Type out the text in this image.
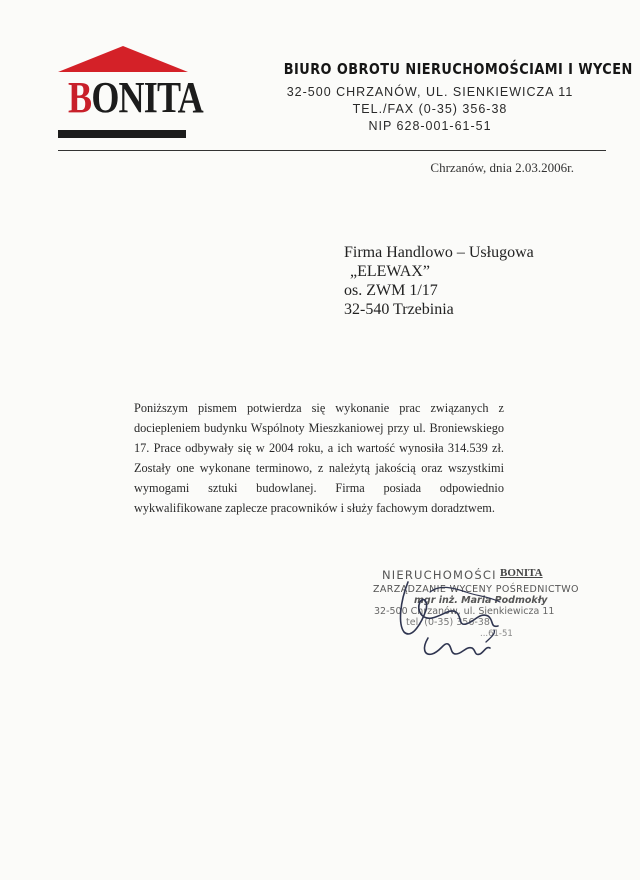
BONITA
BIURO OBROTU NIERUCHOMOŚCIAMI I WYCEN
32-500 CHRZANÓW, UL. SIENKIEWICZA 11
TEL./FAX (0-35) 356-38
NIP 628-001-61-51
Chrzanów, dnia 2.03.2006r.
Firma Handlowo – Usługowa
„ELEWAX”
os. ZWM 1/17
32-540 Trzebinia

Poniższym pismem potwierdza się wykonanie prac związanych z dociepleniem budynku Wspólnoty Mieszkaniowej przy ul. Broniewskiego 17. Prace odbywały się w 2004 roku, a ich wartość wynosiła 314.539 zł. Zostały one wykonane terminowo, z należytą jakością oraz wszystkimi wymogami sztuki budowlanej. Firma posiada odpowiednio wykwalifikowane zaplecze pracowników i służy fachowym doradztwem.

NIERUCHOMOŚCI BONITA
ZARZĄDZANIE WYCENY POŚREDNICTWO
mgr inż. Maria Podmokły
32-500 Chrzanów, ul. Sienkiewicza 11
tel. (0-35) 356-38
...61-51
